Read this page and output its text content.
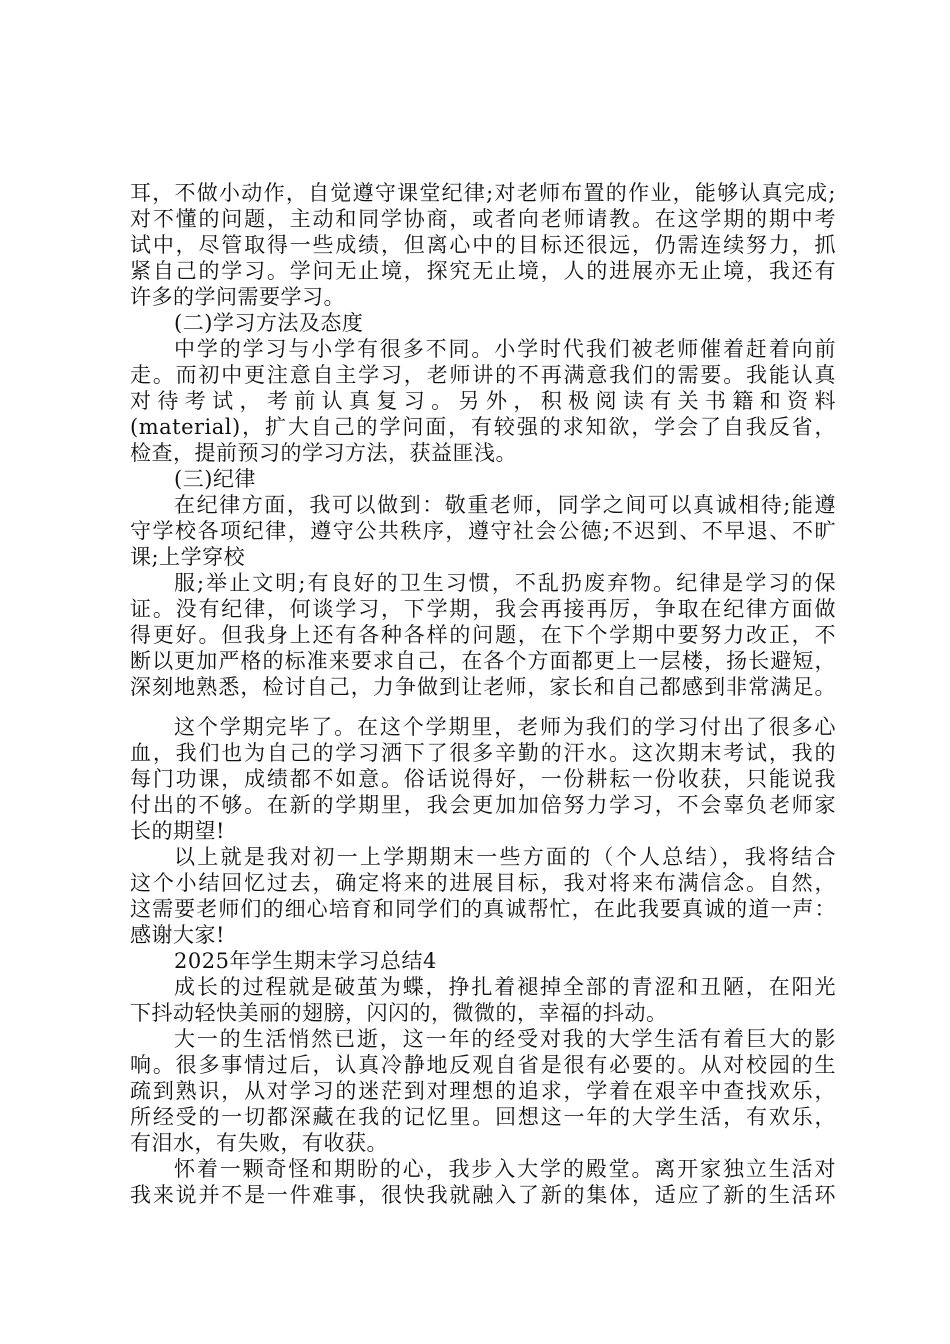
耳，不做小动作，自觉遵守课堂纪律;对老师布置的作业，能够认真完成;
对不懂的问题，主动和同学协商，或者向老师请教。在这学期的期中考
试中，尽管取得一些成绩，但离心中的目标还很远，仍需连续努力，抓
紧自己的学习。学问无止境，探究无止境，人的进展亦无止境，我还有
许多的学问需要学习。
(二)学习方法及态度
中学的学习与小学有很多不同。小学时代我们被老师催着赶着向前
走。而初中更注意自主学习，老师讲的不再满意我们的需要。我能认真
对待考试，考前认真复习。另外，积极阅读有关书籍和资料
(material)，扩大自己的学问面，有较强的求知欲，学会了自我反省，
检查，提前预习的学习方法，获益匪浅。
(三)纪律
在纪律方面，我可以做到：敬重老师，同学之间可以真诚相待;能遵
守学校各项纪律，遵守公共秩序，遵守社会公德;不迟到、不早退、不旷
课;上学穿校
服;举止文明;有良好的卫生习惯，不乱扔废弃物。纪律是学习的保
证。没有纪律，何谈学习，下学期，我会再接再厉，争取在纪律方面做
得更好。但我身上还有各种各样的问题，在下个学期中要努力改正，不
断以更加严格的标准来要求自己，在各个方面都更上一层楼，扬长避短，
深刻地熟悉，检讨自己，力争做到让老师，家长和自己都感到非常满足。
这个学期完毕了。在这个学期里，老师为我们的学习付出了很多心
血，我们也为自己的学习洒下了很多辛勤的汗水。这次期末考试，我的
每门功课，成绩都不如意。俗话说得好，一份耕耘一份收获，只能说我
付出的不够。在新的学期里，我会更加加倍努力学习，不会辜负老师家
长的期望!
以上就是我对初一上学期期末一些方面的（个人总结），我将结合
这个小结回忆过去，确定将来的进展目标，我对将来布满信念。自然，
这需要老师们的细心培育和同学们的真诚帮忙，在此我要真诚的道一声：
感谢大家!
2025年学生期末学习总结4
成长的过程就是破茧为蝶，挣扎着褪掉全部的青涩和丑陋，在阳光
下抖动轻快美丽的翅膀，闪闪的，微微的，幸福的抖动。
大一的生活悄然已逝，这一年的经受对我的大学生活有着巨大的影
响。很多事情过后，认真冷静地反观自省是很有必要的。从对校园的生
疏到熟识，从对学习的迷茫到对理想的追求，学着在艰辛中查找欢乐，
所经受的一切都深藏在我的记忆里。回想这一年的大学生活，有欢乐，
有泪水，有失败，有收获。
怀着一颗奇怪和期盼的心，我步入大学的殿堂。离开家独立生活对
我来说并不是一件难事，很快我就融入了新的集体，适应了新的生活环
